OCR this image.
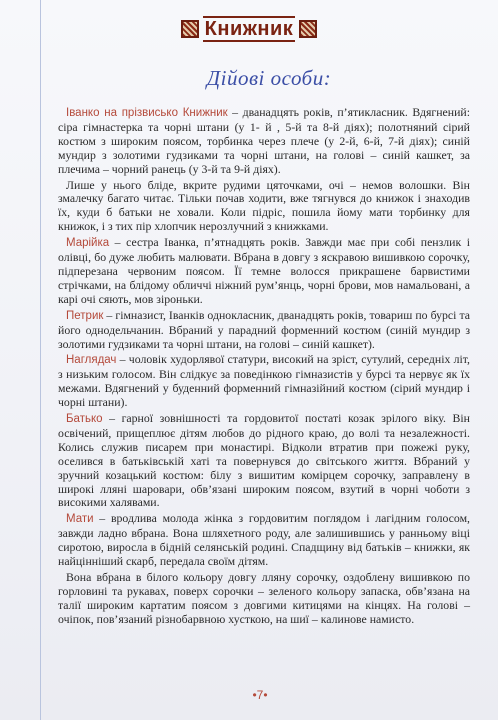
Книжник
Дійові особи:

Іванко на прізвисько Книжник – дванадцять років, п’ятикласник. Вдягнений: сіра гімнастерка та чорні штани (у 1- й , 5-й та 8-й діях); полотняний сірий костюм з широким поясом, торбинка через плече (у 2-й, 6-й, 7-й діях); синій мундир з золотими гудзиками та чорні штани, на голові – синій кашкет, за плечима – чорний ранець (у 3-й та 9-й діях).

Лише у нього бліде, вкрите рудими цяточками, очі – немов волошки. Він змалечку багато читає. Тільки почав ходити, вже тягнувся до книжок і знаходив їх, куди б батьки не ховали. Коли підріс, пошила йому мати торбинку для книжок, і з тих пір хлопчик нерозлучний з книжками.

Марійка – сестра Іванка, п’ятнадцять років. Завжди має при собі пензлик і олівці, бо дуже любить малювати. Вбрана в довгу з яскравою вишивкою сорочку, підперезана червоним поясом. Її темне волосся прикрашене барвистими стрічками, на блідому обличчі ніжний рум’янць, чорні брови, мов намальовані, а карі очі сяють, мов зіроньки.

Петрик – гімназист, Іванків однокласник, дванадцять років, товариш по бурсі та його однодельчанин. Вбраний у парадний форменний костюм (синій мундир з золотими гудзиками та чорні штани, на голові – синій кашкет).

Наглядач – чоловік худорлявої статури, високий на зріст, сутулий, середніх літ, з низьким голосом. Він слідкує за поведінкою гімназистів у бурсі та нервує як їх межами. Вдягнений у буденний форменний гімназійний костюм (сірий мундир і чорні штани).

Батько – гарної зовнішності та гордовитої постаті козак зрілого віку. Він освічений, прищеплює дітям любов до рідного краю, до волі та незалежності. Колись служив писарем при монастирі. Відколи втратив при пожежі руку, оселився в батьківській хаті та повернувся до світського життя. Вбраний у зручний козацький костюм: білу з вишитим комірцем сорочку, заправлену в широкі лляні шаровари, обв’язані широким поясом, взутий в чорні чоботи з високими халявами.

Мати – вродлива молода жінка з гордовитим поглядом і лагідним голосом, завжди ладно вбрана. Вона шляхетного роду, але залишившись у ранньому віці сиротою, виросла в бідній селянській родині. Спадщину від батьків – книжки, як найцінніший скарб, передала своїм дітям.

Вона вбрана в білого кольору довгу лляну сорочку, оздоблену вишивкою по горловині та рукавах, поверх сорочки – зеленого кольору запаска, обв’язана на талії широким картатим поясом з довгими китицями на кінцях. На голові – очіпок, пов’язаний різнобарвною хусткою, на шиї – калинове намисто.

•7•
